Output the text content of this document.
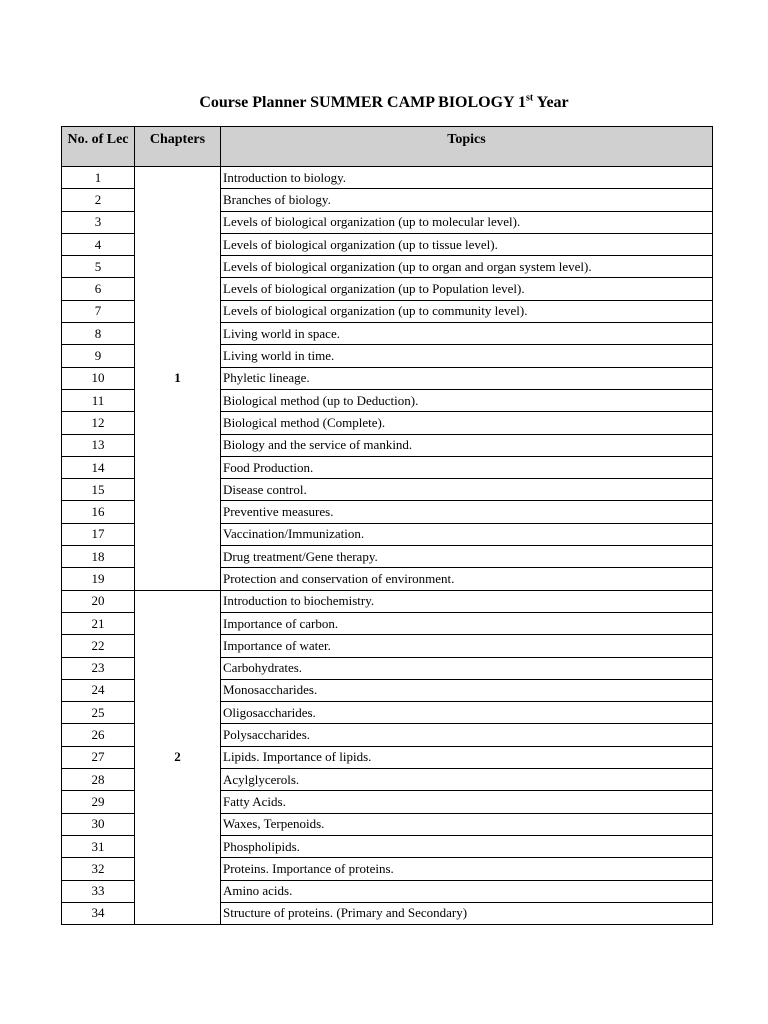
Course Planner SUMMER CAMP BIOLOGY 1st Year
No. of Lec	Chapters	Topics
1	1	Introduction to biology.
2		Branches of biology.
3		Levels of biological organization (up to molecular level).
4		Levels of biological organization (up to tissue level).
5		Levels of biological organization (up to organ and organ system level).
6		Levels of biological organization (up to Population level).
7		Levels of biological organization (up to community level).
8		Living world in space.
9		Living world in time.
10		Phyletic lineage.
11		Biological method (up to Deduction).
12		Biological method (Complete).
13		Biology and the service of mankind.
14		Food Production.
15		Disease control.
16		Preventive measures.
17		Vaccination/Immunization.
18		Drug treatment/Gene therapy.
19		Protection and conservation of environment.
20	2	Introduction to biochemistry.
21		Importance of carbon.
22		Importance of water.
23		Carbohydrates.
24		Monosaccharides.
25		Oligosaccharides.
26		Polysaccharides.
27		Lipids. Importance of lipids.
28		Acylglycerols.
29		Fatty Acids.
30		Waxes, Terpenoids.
31		Phospholipids.
32		Proteins. Importance of proteins.
33		Amino acids.
34		Structure of proteins. (Primary and Secondary)
